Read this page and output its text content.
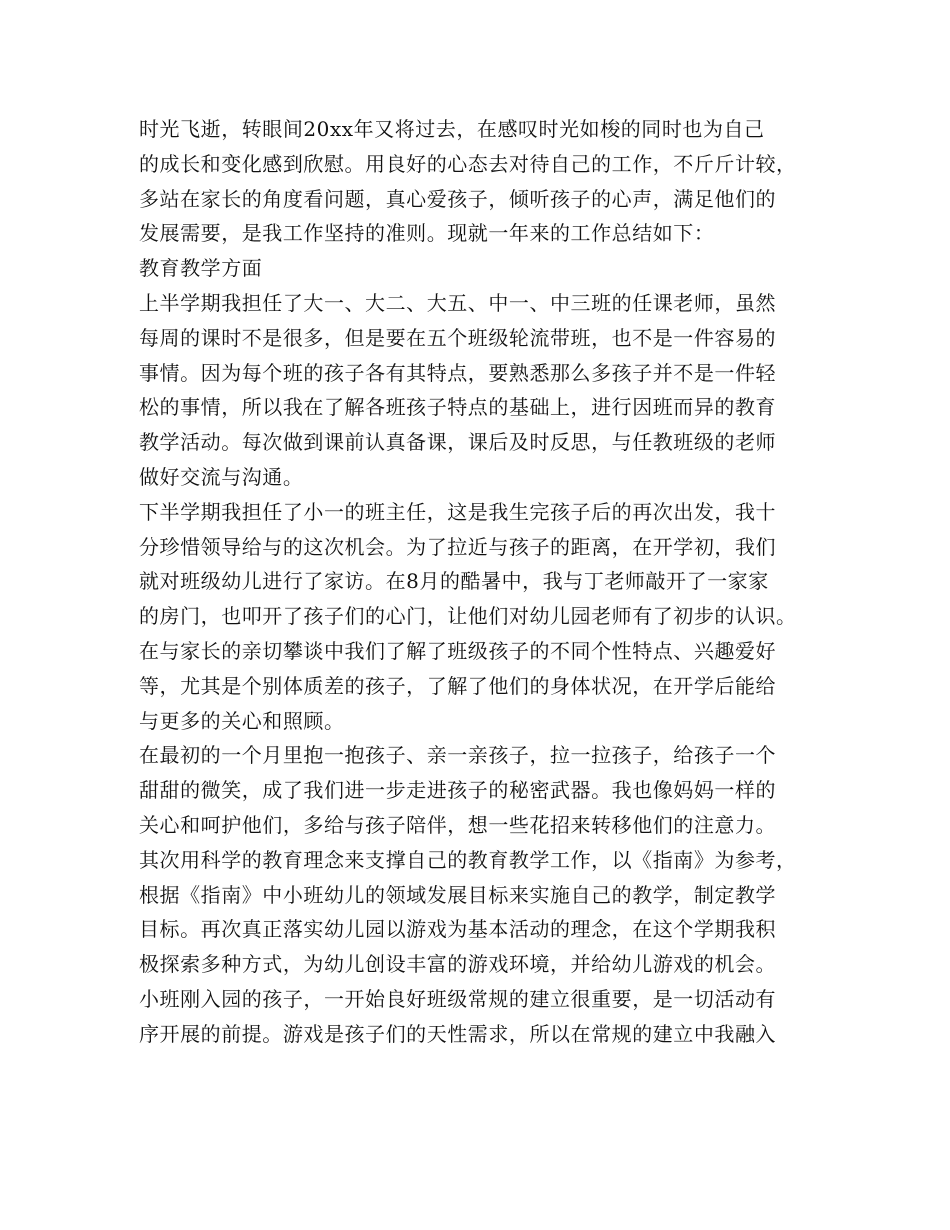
时光飞逝，转眼间20xx年又将过去，在感叹时光如梭的同时也为自己
的成长和变化感到欣慰。用良好的心态去对待自己的工作，不斤斤计较，
多站在家长的角度看问题，真心爱孩子，倾听孩子的心声，满足他们的
发展需要，是我工作坚持的准则。现就一年来的工作总结如下：
教育教学方面
上半学期我担任了大一、大二、大五、中一、中三班的任课老师，虽然
每周的课时不是很多，但是要在五个班级轮流带班，也不是一件容易的
事情。因为每个班的孩子各有其特点，要熟悉那么多孩子并不是一件轻
松的事情，所以我在了解各班孩子特点的基础上，进行因班而异的教育
教学活动。每次做到课前认真备课，课后及时反思，与任教班级的老师
做好交流与沟通。
下半学期我担任了小一的班主任，这是我生完孩子后的再次出发，我十
分珍惜领导给与的这次机会。为了拉近与孩子的距离，在开学初，我们
就对班级幼儿进行了家访。在8月的酷暑中，我与丁老师敲开了一家家
的房门，也叩开了孩子们的心门，让他们对幼儿园老师有了初步的认识。
在与家长的亲切攀谈中我们了解了班级孩子的不同个性特点、兴趣爱好
等，尤其是个别体质差的孩子，了解了他们的身体状况，在开学后能给
与更多的关心和照顾。
在最初的一个月里抱一抱孩子、亲一亲孩子，拉一拉孩子，给孩子一个
甜甜的微笑，成了我们进一步走进孩子的秘密武器。我也像妈妈一样的
关心和呵护他们，多给与孩子陪伴，想一些花招来转移他们的注意力。
其次用科学的教育理念来支撑自己的教育教学工作，以《指南》为参考，
根据《指南》中小班幼儿的领域发展目标来实施自己的教学，制定教学
目标。再次真正落实幼儿园以游戏为基本活动的理念，在这个学期我积
极探索多种方式，为幼儿创设丰富的游戏环境，并给幼儿游戏的机会。
小班刚入园的孩子，一开始良好班级常规的建立很重要，是一切活动有
序开展的前提。游戏是孩子们的天性需求，所以在常规的建立中我融入
